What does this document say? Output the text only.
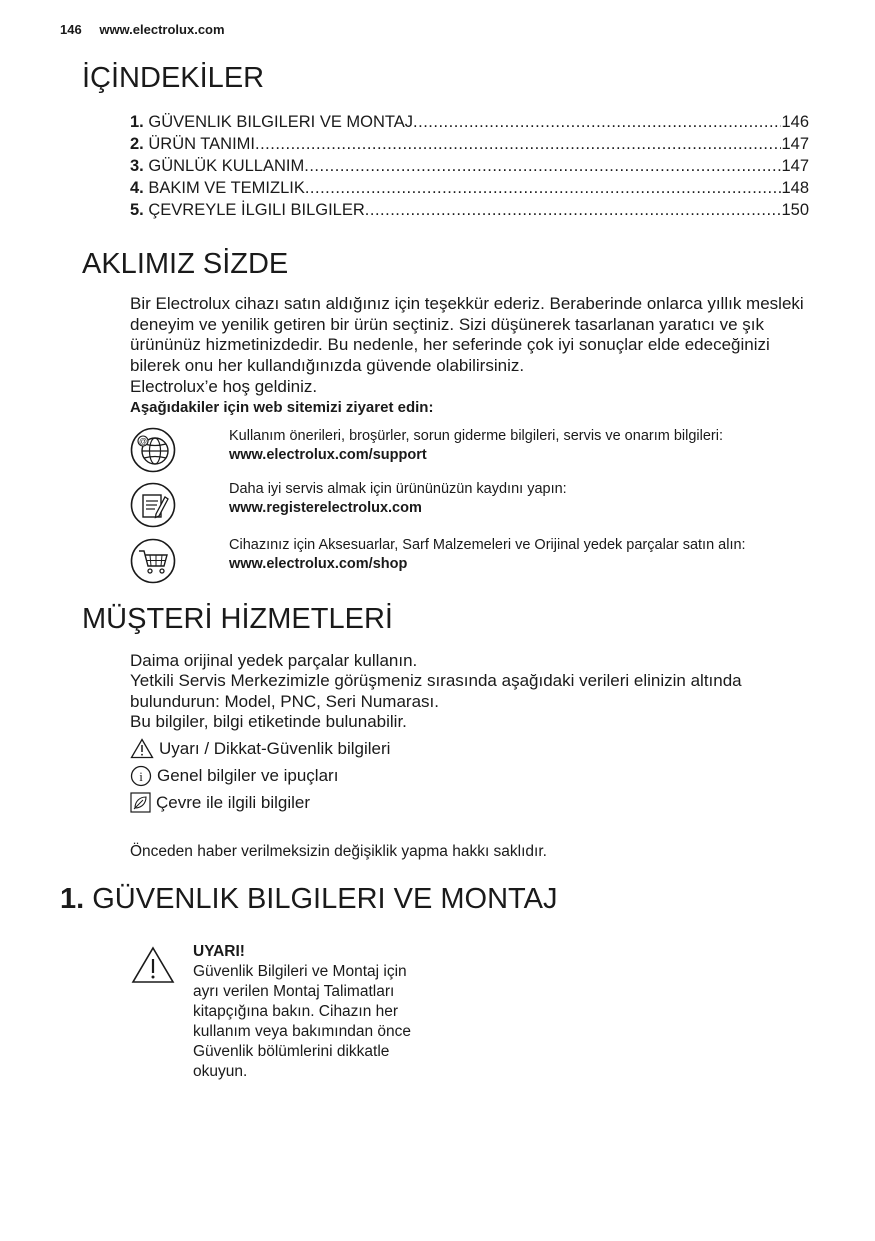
146 www.electrolux.com
İÇİNDEKİLER
1. GÜVENLIK BILGILERI VE MONTAJ .....	146
2. ÜRÜN TANIMI .....	147
3. GÜNLÜK KULLANIM .....	147
4. BAKIM VE TEMIZLIK .....	148
5. ÇEVREYLE İLGILI BILGILER .....	150
AKLIMIZ SİZDE
Bir Electrolux cihazı satın aldığınız için teşekkür ederiz. Beraberinde onlarca yıllık mesleki deneyim ve yenilik getiren bir ürün seçtiniz. Sizi düşünerek tasarlanan yaratıcı ve şık ürününüz hizmetinizdedir. Bu nedenle, her seferinde çok iyi sonuçlar elde edeceğinizi bilerek onu her kullandığınızda güvende olabilirsiniz.
Electrolux’e hoş geldiniz.
Aşağıdakiler için web sitemizi ziyaret edin:
@	Kullanım önerileri, broşürler, sorun giderme bilgileri, servis ve onarım bilgileri:
www.electrolux.com/support
Daha iyi servis almak için ürününüzün kaydını yapın:
www.registerelectrolux.com
Cihazınız için Aksesuarlar, Sarf Malzemeleri ve Orijinal yedek parçalar satın alın:
www.electrolux.com/shop
MÜŞTERİ HİZMETLERİ
Daima orijinal yedek parçalar kullanın.
Yetkili Servis Merkezimizle görüşmeniz sırasında aşağıdaki verileri elinizin altında bulundurun: Model, PNC, Seri Numarası.
Bu bilgiler, bilgi etiketinde bulunabilir.
Uyarı / Dikkat-Güvenlik bilgileri
i Genel bilgiler ve ipuçları
Çevre ile ilgili bilgiler
Önceden haber verilmeksizin değişiklik yapma hakkı saklıdır.
1. GÜVENLIK BILGILERI VE MONTAJ
UYARI!
Güvenlik Bilgileri ve Montaj için ayrı verilen Montaj Talimatları kitapçığına bakın. Cihazın her kullanım veya bakımından önce Güvenlik bölümlerini dikkatle okuyun.
